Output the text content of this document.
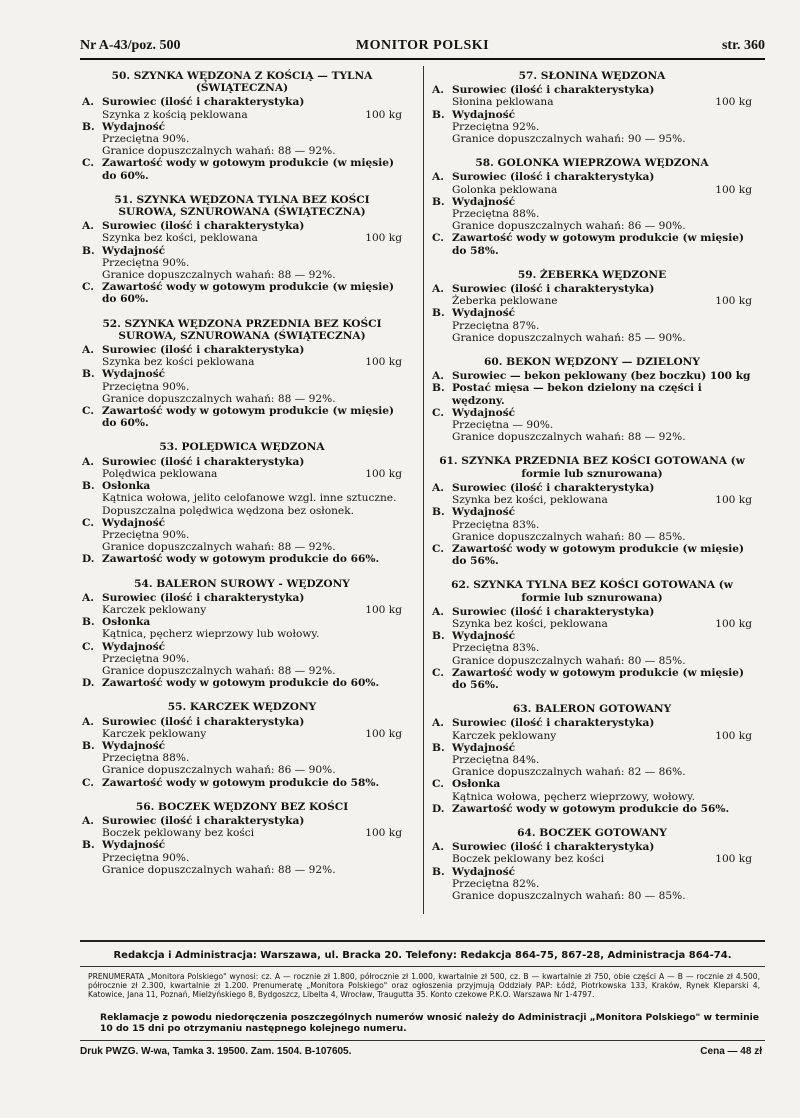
Nr A-43/poz. 500	MONITOR POLSKI	str. 360
50. SZYNKA WĘDZONA Z KOŚCIĄ — TYLNA (ŚWIĄTECZNA)
A. Surowiec (ilość i charakterystyka)
Szynka z kością peklowana	100 kg
B. Wydajność
Przeciętna 90%.
Granice dopuszczalnych wahań: 88 — 92%.
C. Zawartość wody w gotowym produkcie (w mięsie) do 60%.
51. SZYNKA WĘDZONA TYLNA BEZ KOŚCI SUROWA, SZNUROWANA (ŚWIĄTECZNA)
A. Surowiec (ilość i charakterystyka)
Szynka bez kości, peklowana	100 kg
B. Wydajność
Przeciętna 90%.
Granice dopuszczalnych wahań: 88 — 92%.
C. Zawartość wody w gotowym produkcie (w mięsie) do 60%.
52. SZYNKA WĘDZONA PRZEDNIA BEZ KOŚCI SUROWA, SZNUROWANA (ŚWIĄTECZNA)
A. Surowiec (ilość i charakterystyka)
Szynka bez kości peklowana	100 kg
B. Wydajność
Przeciętna 90%.
Granice dopuszczalnych wahań: 88 — 92%.
C. Zawartość wody w gotowym produkcie (w mięsie) do 60%.
53. POLĘDWICA WĘDZONA
A. Surowiec (ilość i charakterystyka)
Polędwica peklowana	100 kg
B. Osłonka
Kątnica wołowa, jelito celofanowe wzgl. inne sztuczne. Dopuszczalna polędwica wędzona bez osłonek.
C. Wydajność
Przeciętna 90%.
Granice dopuszczalnych wahań: 88 — 92%.
D. Zawartość wody w gotowym produkcie do 66%.
54. BALERON SUROWY - WĘDZONY
A. Surowiec (ilość i charakterystyka)
Karczek peklowany	100 kg
B. Osłonka
Kątnica, pęcherz wieprzowy lub wołowy.
C. Wydajność
Przeciętna 90%.
Granice dopuszczalnych wahań: 88 — 92%.
D. Zawartość wody w gotowym produkcie do 60%.
55. KARCZEK WĘDZONY
A. Surowiec (ilość i charakterystyka)
Karczek peklowany	100 kg
B. Wydajność
Przeciętna 88%.
Granice dopuszczalnych wahań: 86 — 90%.
C. Zawartość wody w gotowym produkcie do 58%.
56. BOCZEK WĘDZONY BEZ KOŚCI
A. Surowiec (ilość i charakterystyka)
Boczek peklowany bez kości	100 kg
B. Wydajność
Przeciętna 90%.
Granice dopuszczalnych wahań: 88 — 92%.
57. SŁONINA WĘDZONA
A. Surowiec (ilość i charakterystyka)
Słonina peklowana	100 kg
B. Wydajność
Przeciętna 92%.
Granice dopuszczalnych wahań: 90 — 95%.
58. GOLONKA WIEPRZOWA WĘDZONA
A. Surowiec (ilość i charakterystyka)
Golonka peklowana	100 kg
B. Wydajność
Przeciętna 88%.
Granice dopuszczalnych wahań: 86 — 90%.
C. Zawartość wody w gotowym produkcie (w mięsie) do 58%.
59. ŻEBERKA WĘDZONE
A. Surowiec (ilość i charakterystyka)
Żeberka peklowane	100 kg
B. Wydajność
Przeciętna 87%.
Granice dopuszczalnych wahań: 85 — 90%.
60. BEKON WĘDZONY — DZIELONY
A. Surowiec — bekon peklowany (bez boczku) 100 kg
B. Postać mięsa — bekon dzielony na części i wędzony.
C. Wydajność
Przeciętna — 90%.
Granice dopuszczalnych wahań: 88 — 92%.
61. SZYNKA PRZEDNIA BEZ KOŚCI GOTOWANA (w formie lub sznurowana)
A. Surowiec (ilość i charakterystyka)
Szynka bez kości, peklowana	100 kg
B. Wydajność
Przeciętna 83%.
Granice dopuszczalnych wahań: 80 — 85%.
C. Zawartość wody w gotowym produkcie (w mięsie) do 56%.
62. SZYNKA TYLNA BEZ KOŚCI GOTOWANA (w formie lub sznurowana)
A. Surowiec (ilość i charakterystyka)
Szynka bez kości, peklowana	100 kg
B. Wydajność
Przeciętna 83%.
Granice dopuszczalnych wahań: 80 — 85%.
C. Zawartość wody w gotowym produkcie (w mięsie) do 56%.
63. BALERON GOTOWANY
A. Surowiec (ilość i charakterystyka)
Karczek peklowany	100 kg
B. Wydajność
Przeciętna 84%.
Granice dopuszczalnych wahań: 82 — 86%.
C. Osłonka
Kątnica wołowa, pęcherz wieprzowy, wołowy.
D. Zawartość wody w gotowym produkcie do 56%.
64. BOCZEK GOTOWANY
A. Surowiec (ilość i charakterystyka)
Boczek peklowany bez kości	100 kg
B. Wydajność
Przeciętna 82%.
Granice dopuszczalnych wahań: 80 — 85%.
Redakcja i Administracja: Warszawa, ul. Bracka 20. Telefony: Redakcja 864-75, 867-28, Administracja 864-74.
PRENUMERATA „Monitora Polskiego" wynosi: cz. A — rocznie zł 1.800, półrocznie zł 1.000, kwartalnie zł 500, cz. B — kwartalnie zł 750, obie części A — B — rocznie zł 4.500, półrocznie zł 2.300, kwartalnie zł 1.200. Prenumeratę „Monitora Polskiego" oraz ogłoszenia przyjmują Oddziały PAP: Łódź, Piotrkowska 133, Kraków, Rynek Kleparski 4, Katowice, Jana 11, Poznań, Mielżyńskiego 8, Bydgoszcz, Libelta 4, Wrocław, Traugutta 35. Konto czekowe P.K.O. Warszawa Nr 1-4797.
Reklamacje z powodu niedoręczenia poszczególnych numerów wnosić należy do Administracji „Monitora Polskiego" w terminie 10 do 15 dni po otrzymaniu następnego kolejnego numeru.
Druk PWZG. W-wa, Tamka 3. 19500. Zam. 1504. B-107605.	Cena — 48 zł
